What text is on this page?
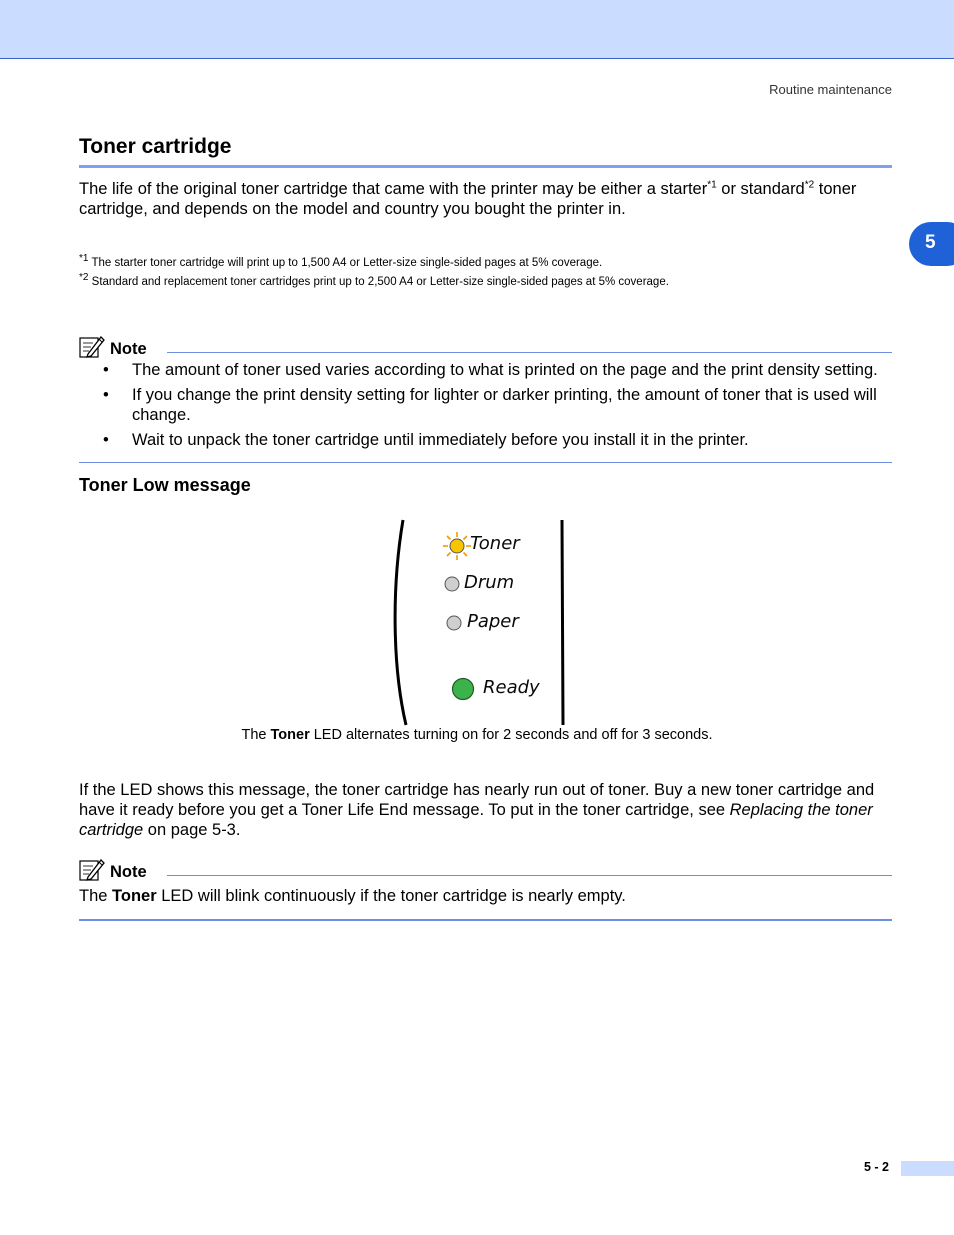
Routine maintenance
5
Toner cartridge
The life of the original toner cartridge that came with the printer may be either a starter$^{*1}$ or standard$^{*2}$ toner cartridge, and depends on the model and country you bought the printer in.
$^{*1}$ The starter toner cartridge will print up to 1,500 A4 or Letter-size single-sided pages at 5% coverage.
$^{*2}$ Standard and replacement toner cartridges print up to 2,500 A4 or Letter-size single-sided pages at 5% coverage.
Note
• The amount of toner used varies according to what is printed on the page and the print density setting.
• If you change the print density setting for lighter or darker printing, the amount of toner that is used will change.
• Wait to unpack the toner cartridge until immediately before you install it in the printer.
Toner Low message
Toner
Drum
Paper
Ready
The Toner LED alternates turning on for 2 seconds and off for 3 seconds.
If the LED shows this message, the toner cartridge has nearly run out of toner. Buy a new toner cartridge and have it ready before you get a Toner Life End message. To put in the toner cartridge, see Replacing the toner cartridge on page 5-3.
Note
The Toner LED will blink continuously if the toner cartridge is nearly empty.
5 - 2
